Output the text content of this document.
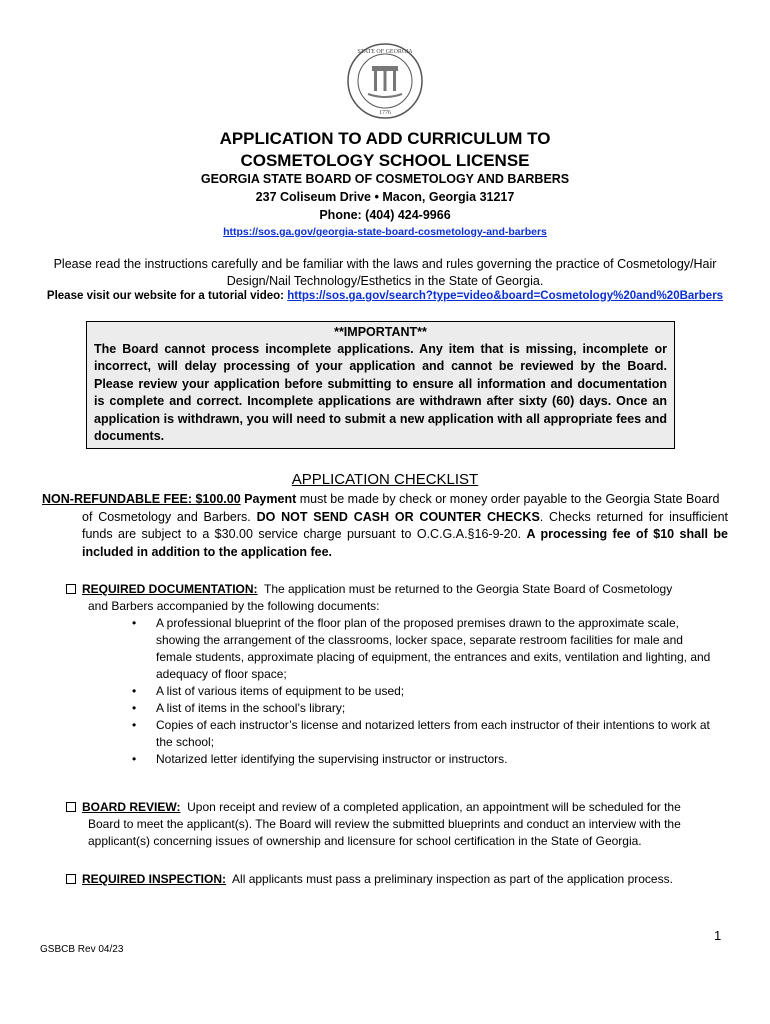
STATE OF GEORGIA
1776
APPLICATION TO ADD CURRICULUM TO
COSMETOLOGY SCHOOL LICENSE
GEORGIA STATE BOARD OF COSMETOLOGY AND BARBERS
237 Coliseum Drive • Macon, Georgia 31217
Phone: (404) 424-9966
https://sos.ga.gov/georgia-state-board-cosmetology-and-barbers
Please read the instructions carefully and be familiar with the laws and rules governing the practice of Cosmetology/Hair Design/Nail Technology/Esthetics in the State of Georgia.
Please visit our website for a tutorial video: https://sos.ga.gov/search?type=video&board=Cosmetology%20and%20Barbers
**IMPORTANT**
The Board cannot process incomplete applications. Any item that is missing, incomplete or incorrect, will delay processing of your application and cannot be reviewed by the Board. Please review your application before submitting to ensure all information and documentation is complete and correct. Incomplete applications are withdrawn after sixty (60) days. Once an application is withdrawn, you will need to submit a new application with all appropriate fees and documents.
APPLICATION CHECKLIST
NON-REFUNDABLE FEE: $100.00 Payment must be made by check or money order payable to the Georgia State Board
of Cosmetology and Barbers. DO NOT SEND CASH OR COUNTER CHECKS. Checks returned for insufficient funds are subject to a $30.00 service charge pursuant to O.C.G.A.§16-9-20. A processing fee of $10 shall be included in addition to the application fee.
REQUIRED DOCUMENTATION: The application must be returned to the Georgia State Board of Cosmetology
and Barbers accompanied by the following documents:
• A professional blueprint of the floor plan of the proposed premises drawn to the approximate scale, showing the arrangement of the classrooms, locker space, separate restroom facilities for male and female students, approximate placing of equipment, the entrances and exits, ventilation and lighting, and adequacy of floor space;
• A list of various items of equipment to be used;
• A list of items in the school’s library;
• Copies of each instructor’s license and notarized letters from each instructor of their intentions to work at the school;
• Notarized letter identifying the supervising instructor or instructors.
BOARD REVIEW: Upon receipt and review of a completed application, an appointment will be scheduled for the
Board to meet the applicant(s). The Board will review the submitted blueprints and conduct an interview with the applicant(s) concerning issues of ownership and licensure for school certification in the State of Georgia.
REQUIRED INSPECTION: All applicants must pass a preliminary inspection as part of the application process.
1
GSBCB Rev 04/23
